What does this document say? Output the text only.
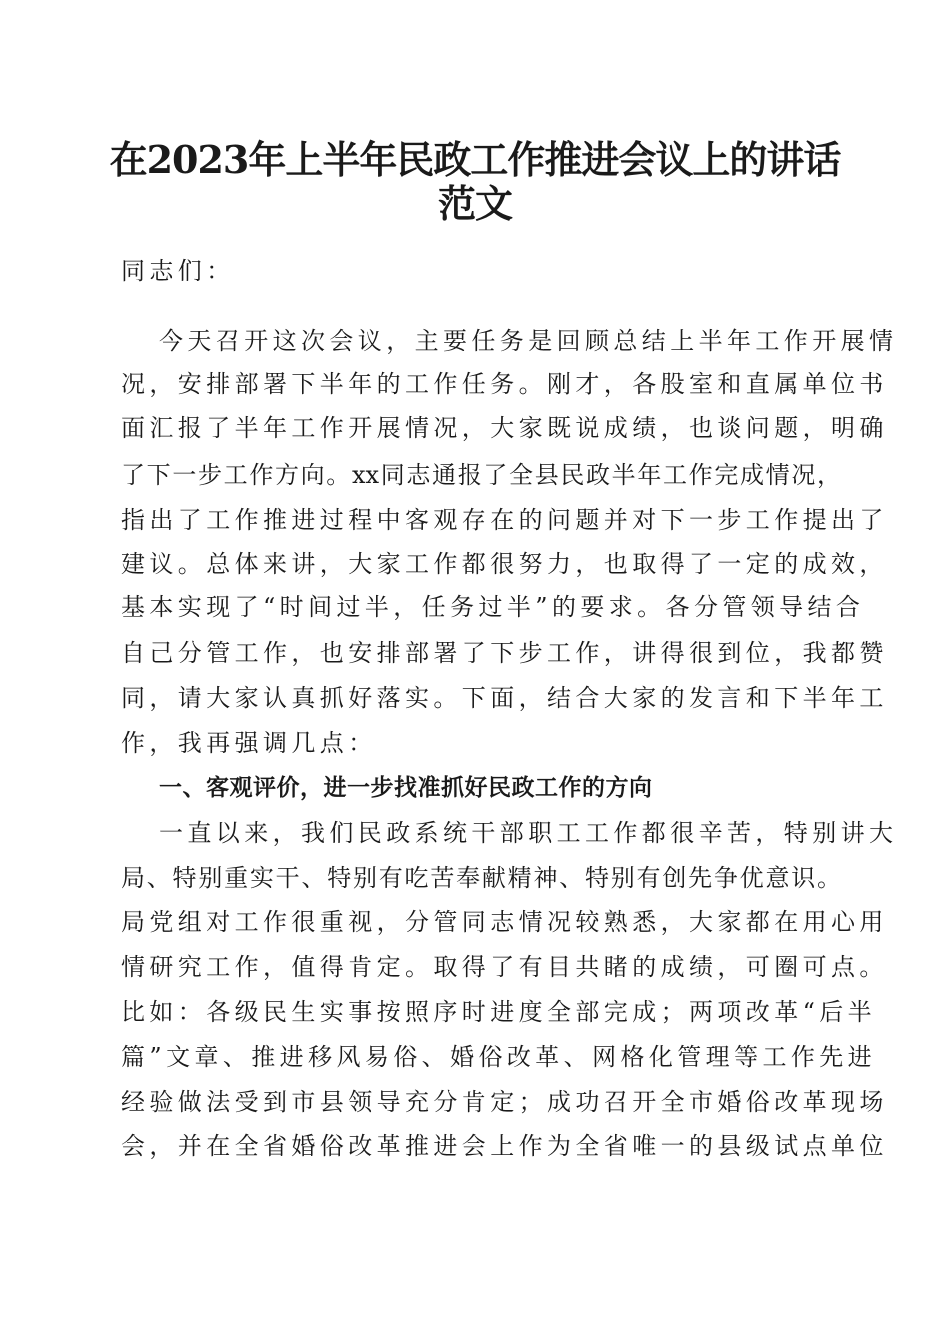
在2023年上半年民政工作推进会议上的讲话
范文

同志们：

今天召开这次会议，主要任务是回顾总结上半年工作开展情

况，安排部署下半年的工作任务。刚才，各股室和直属单位书

面汇报了半年工作开展情况，大家既说成绩，也谈问题，明确

了下一步工作方向。xx同志通报了全县民政半年工作完成情况，

指出了工作推进过程中客观存在的问题并对下一步工作提出了

建议。总体来讲，大家工作都很努力，也取得了一定的成效，

基本实现了“时间过半，任务过半”的要求。各分管领导结合

自己分管工作，也安排部署了下步工作，讲得很到位，我都赞

同，请大家认真抓好落实。下面，结合大家的发言和下半年工

作，我再强调几点：

一、客观评价，进一步找准抓好民政工作的方向

一直以来，我们民政系统干部职工工作都很辛苦，特别讲大

局、特别重实干、特别有吃苦奉献精神、特别有创先争优意识。

局党组对工作很重视，分管同志情况较熟悉，大家都在用心用

情研究工作，值得肯定。取得了有目共睹的成绩，可圈可点。

比如：各级民生实事按照序时进度全部完成；两项改革“后半

篇”文章、推进移风易俗、婚俗改革、网格化管理等工作先进

经验做法受到市县领导充分肯定；成功召开全市婚俗改革现场

会，并在全省婚俗改革推进会上作为全省唯一的县级试点单位
